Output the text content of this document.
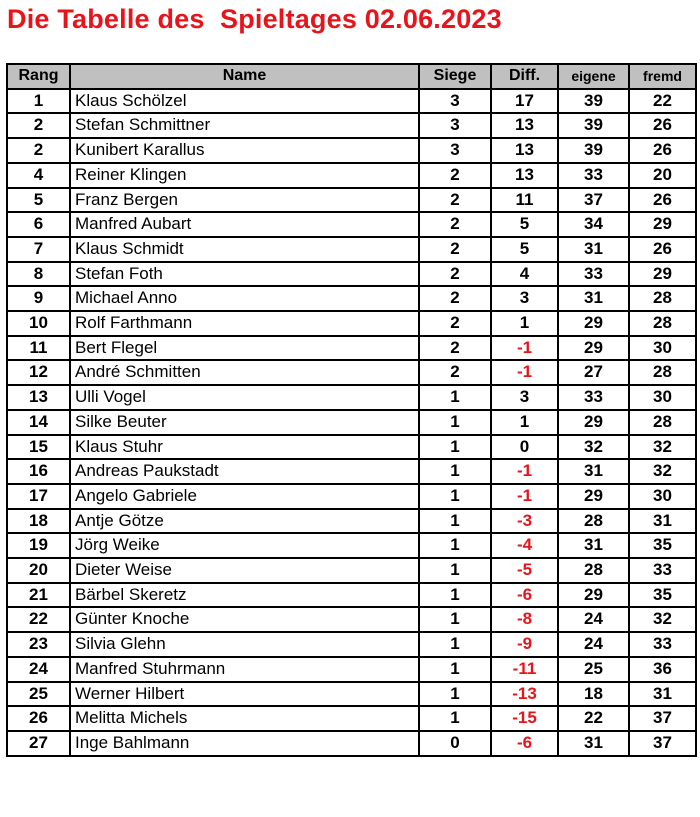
Die Tabelle des  Spieltages 02.06.2023
Rang	Name	Siege	Diff.	eigene	fremd
1	Klaus Schölzel	3	17	39	22
2	Stefan Schmittner	3	13	39	26
2	Kunibert Karallus	3	13	39	26
4	Reiner Klingen	2	13	33	20
5	Franz Bergen	2	11	37	26
6	Manfred Aubart	2	5	34	29
7	Klaus Schmidt	2	5	31	26
8	Stefan Foth	2	4	33	29
9	Michael Anno	2	3	31	28
10	Rolf Farthmann	2	1	29	28
11	Bert Flegel	2	-1	29	30
12	André Schmitten	2	-1	27	28
13	Ulli Vogel	1	3	33	30
14	Silke Beuter	1	1	29	28
15	Klaus Stuhr	1	0	32	32
16	Andreas Paukstadt	1	-1	31	32
17	Angelo Gabriele	1	-1	29	30
18	Antje Götze	1	-3	28	31
19	Jörg Weike	1	-4	31	35
20	Dieter Weise	1	-5	28	33
21	Bärbel Skeretz	1	-6	29	35
22	Günter Knoche	1	-8	24	32
23	Silvia Glehn	1	-9	24	33
24	Manfred Stuhrmann	1	-11	25	36
25	Werner Hilbert	1	-13	18	31
26	Melitta Michels	1	-15	22	37
27	Inge Bahlmann	0	-6	31	37
